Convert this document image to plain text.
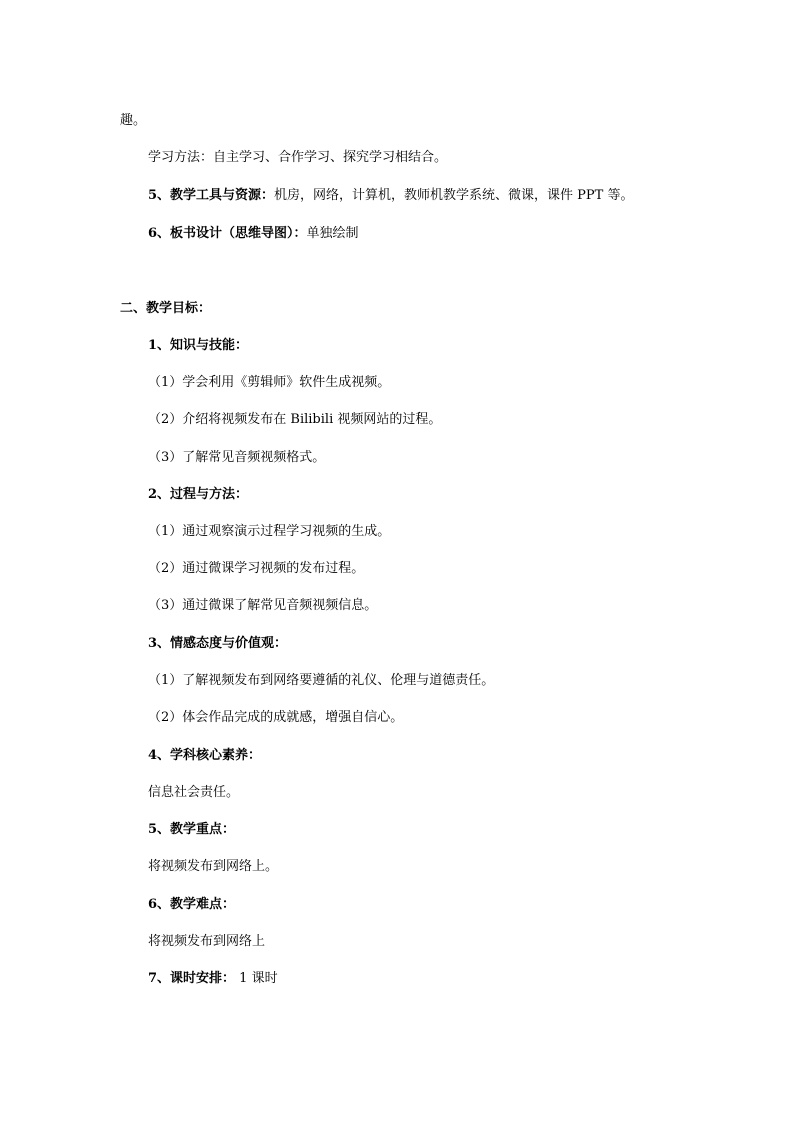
趣。
学习方法：自主学习、合作学习、探究学习相结合。
5、教学工具与资源：机房，网络，计算机，教师机教学系统、微课，课件 PPT 等。
6、板书设计（思维导图）：单独绘制
二、教学目标：
1、知识与技能：
（1）学会利用《剪辑师》软件生成视频。
（2）介绍将视频发布在 Bilibili 视频网站的过程。
（3）了解常见音频视频格式。
2、过程与方法：
（1）通过观察演示过程学习视频的生成。
（2）通过微课学习视频的发布过程。
（3）通过微课了解常见音频视频信息。
3、情感态度与价值观：
（1）了解视频发布到网络要遵循的礼仪、伦理与道德责任。
（2）体会作品完成的成就感，增强自信心。
4、学科核心素养：
信息社会责任。
5、教学重点：
将视频发布到网络上。
6、教学难点：
将视频发布到网络上
7、课时安排： 1 课时
